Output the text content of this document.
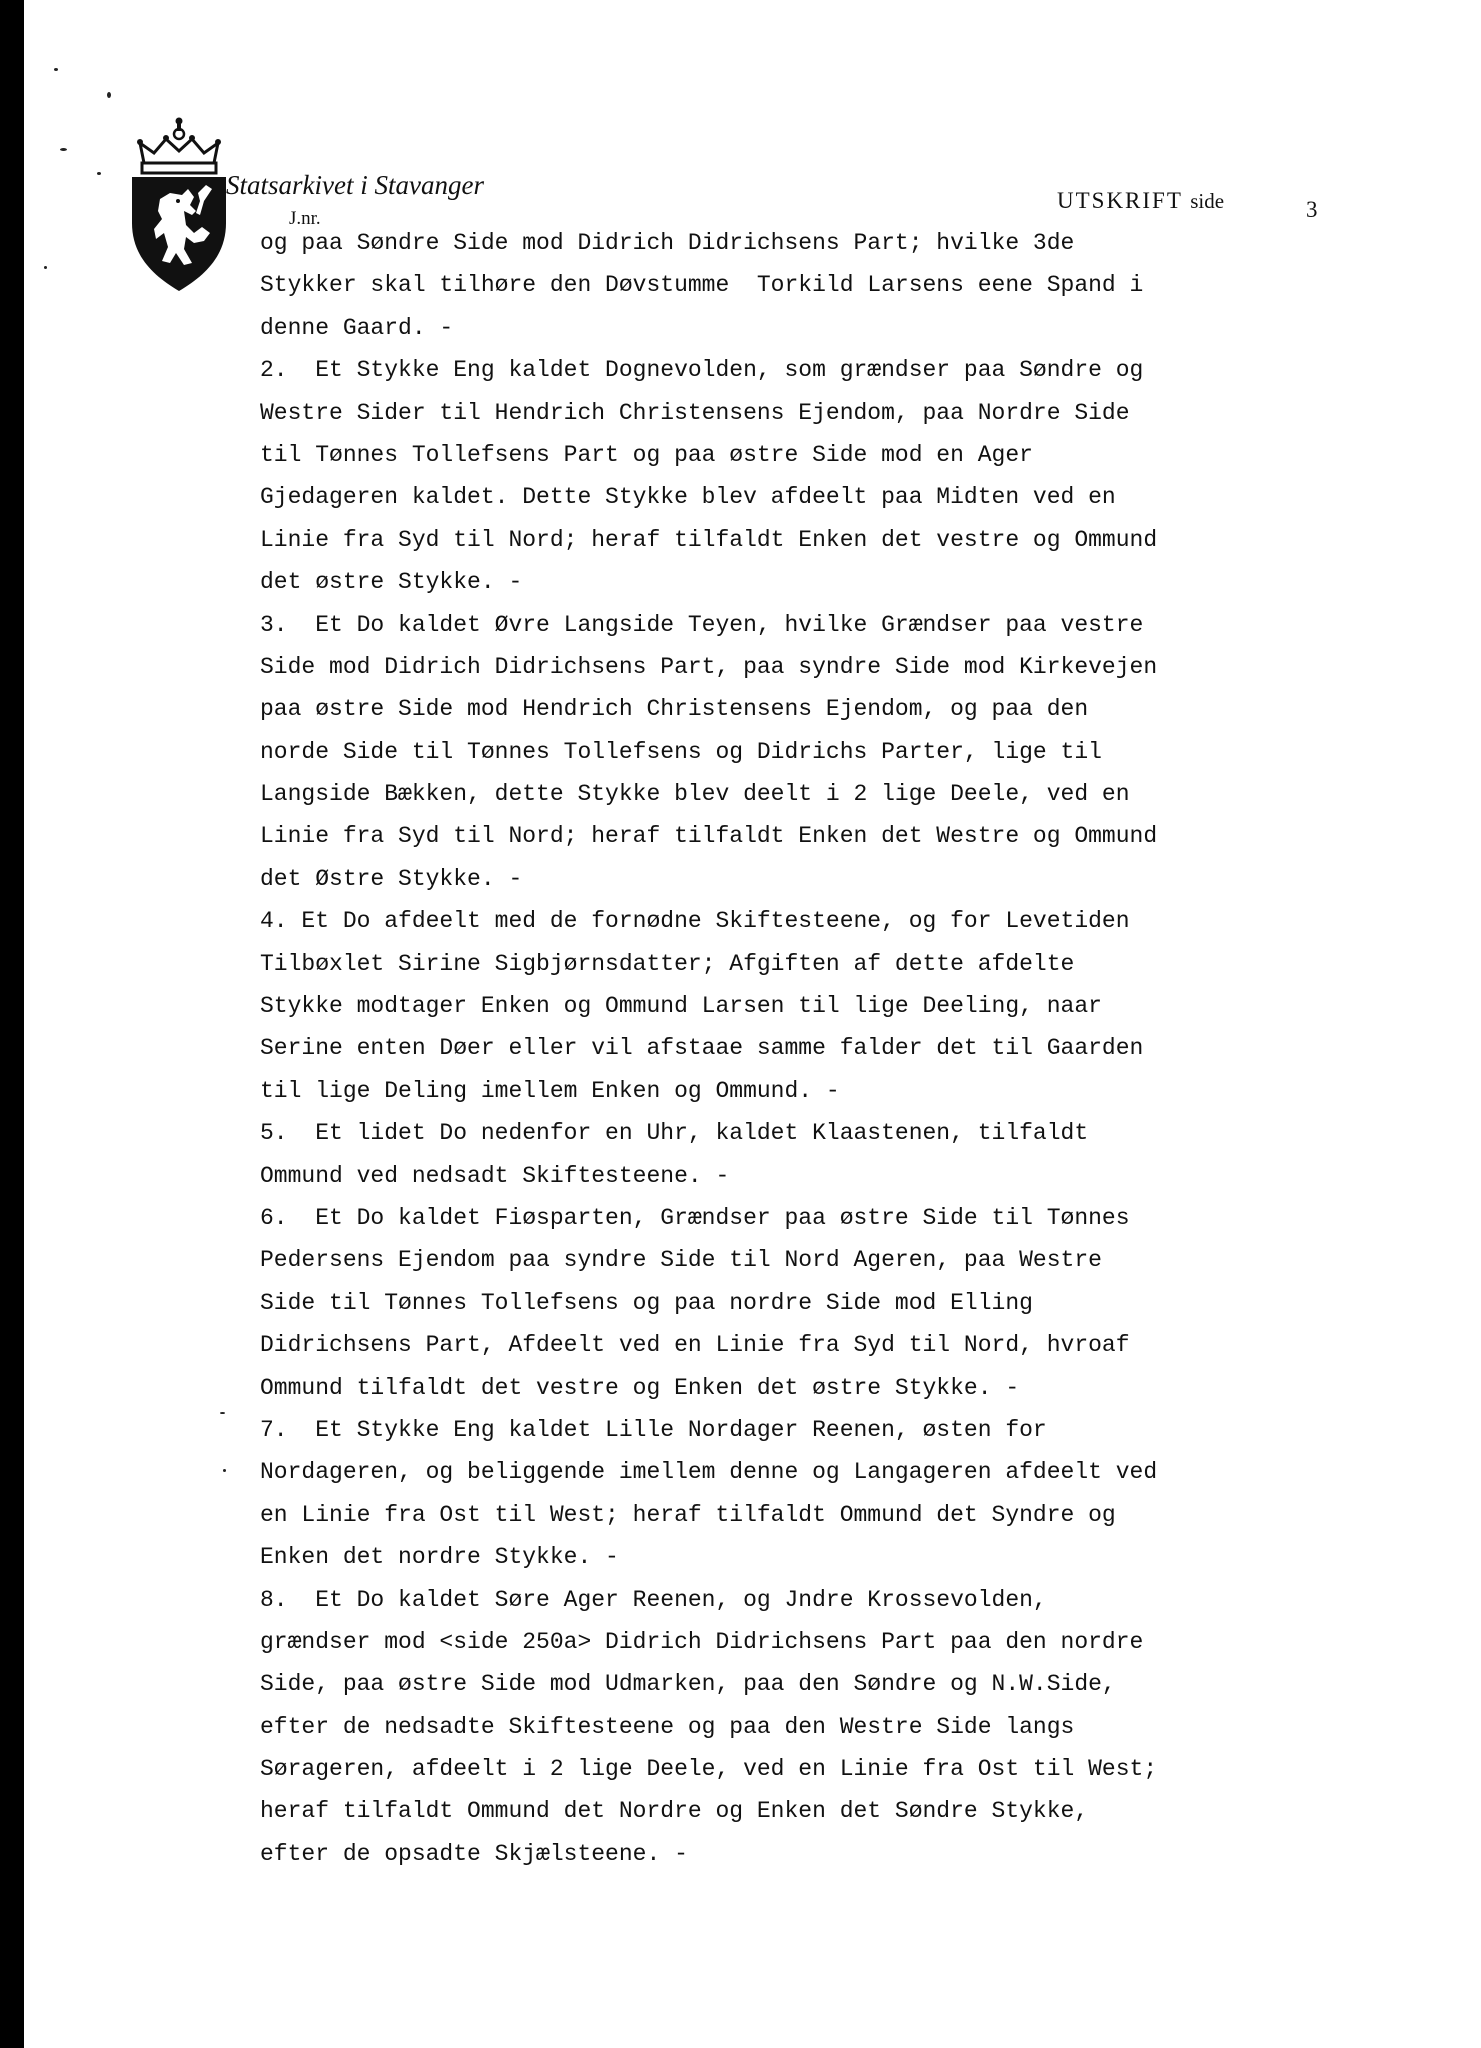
Statsarkivet i Stavanger
J.nr.
UTSKRIFT side	3
og paa Søndre Side mod Didrich Didrichsens Part; hvilke 3de
Stykker skal tilhøre den Døvstumme  Torkild Larsens eene Spand i
denne Gaard. -
2.  Et Stykke Eng kaldet Dognevolden, som grændser paa Søndre og
Westre Sider til Hendrich Christensens Ejendom, paa Nordre Side
til Tønnes Tollefsens Part og paa østre Side mod en Ager
Gjedageren kaldet. Dette Stykke blev afdeelt paa Midten ved en
Linie fra Syd til Nord; heraf tilfaldt Enken det vestre og Ommund
det østre Stykke. -
3.  Et Do kaldet Øvre Langside Teyen, hvilke Grændser paa vestre
Side mod Didrich Didrichsens Part, paa syndre Side mod Kirkevejen
paa østre Side mod Hendrich Christensens Ejendom, og paa den
norde Side til Tønnes Tollefsens og Didrichs Parter, lige til
Langside Bækken, dette Stykke blev deelt i 2 lige Deele, ved en
Linie fra Syd til Nord; heraf tilfaldt Enken det Westre og Ommund
det Østre Stykke. -
4. Et Do afdeelt med de fornødne Skiftesteene, og for Levetiden
Tilbøxlet Sirine Sigbjørnsdatter; Afgiften af dette afdelte
Stykke modtager Enken og Ommund Larsen til lige Deeling, naar
Serine enten Døer eller vil afstaae samme falder det til Gaarden
til lige Deling imellem Enken og Ommund. -
5.  Et lidet Do nedenfor en Uhr, kaldet Klaastenen, tilfaldt
Ommund ved nedsadt Skiftesteene. -
6.  Et Do kaldet Fiøsparten, Grændser paa østre Side til Tønnes
Pedersens Ejendom paa syndre Side til Nord Ageren, paa Westre
Side til Tønnes Tollefsens og paa nordre Side mod Elling
Didrichsens Part, Afdeelt ved en Linie fra Syd til Nord, hvroaf
Ommund tilfaldt det vestre og Enken det østre Stykke. -
7.  Et Stykke Eng kaldet Lille Nordager Reenen, østen for
Nordageren, og beliggende imellem denne og Langageren afdeelt ved
en Linie fra Ost til West; heraf tilfaldt Ommund det Syndre og
Enken det nordre Stykke. -
8.  Et Do kaldet Søre Ager Reenen, og Jndre Krossevolden,
grændser mod <side 250a> Didrich Didrichsens Part paa den nordre
Side, paa østre Side mod Udmarken, paa den Søndre og N.W.Side,
efter de nedsadte Skiftesteene og paa den Westre Side langs
Sørageren, afdeelt i 2 lige Deele, ved en Linie fra Ost til West;
heraf tilfaldt Ommund det Nordre og Enken det Søndre Stykke,
efter de opsadte Skjælsteene. -
